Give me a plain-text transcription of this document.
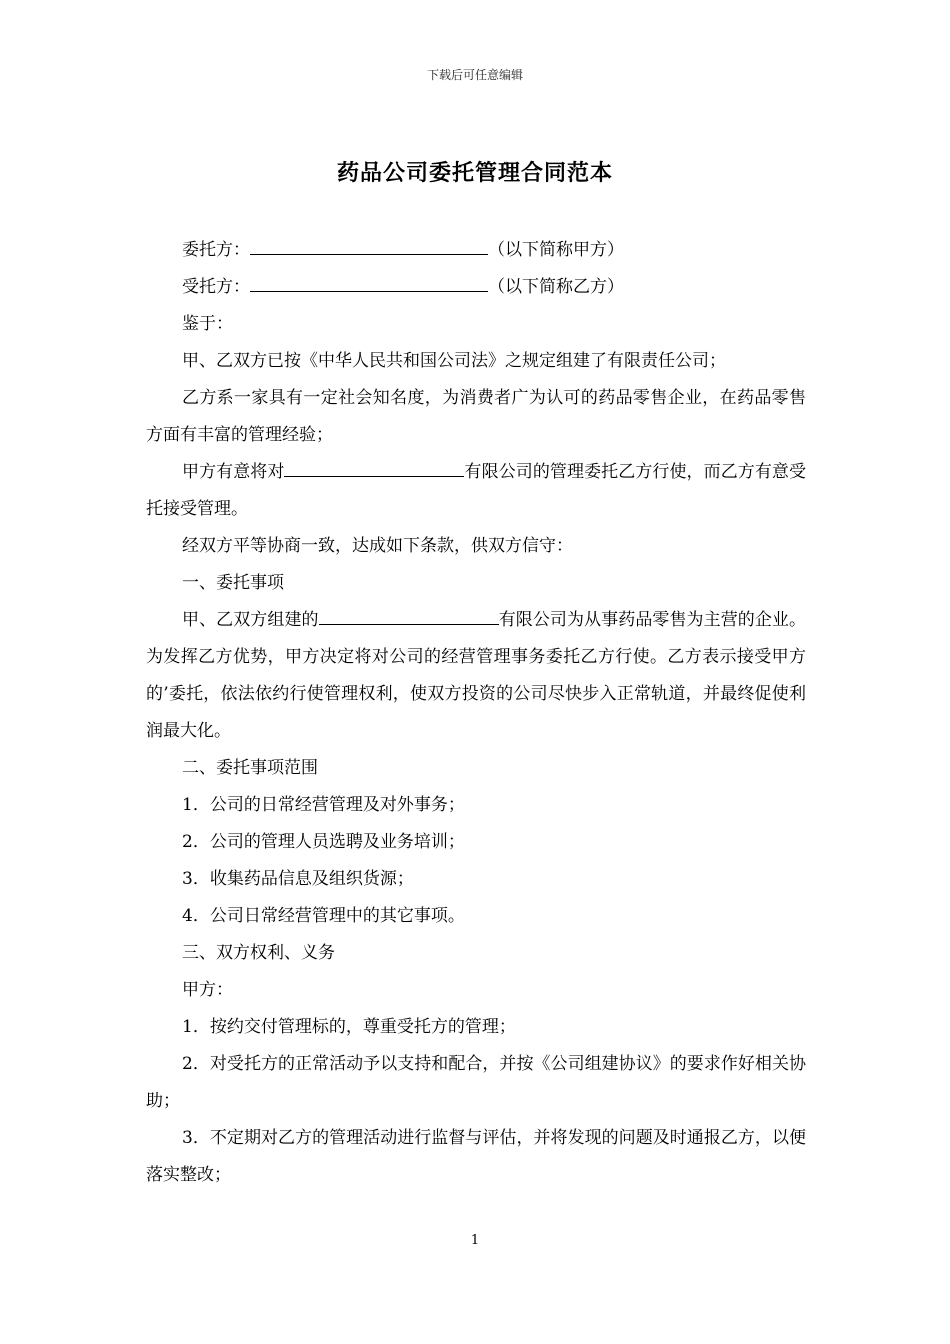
下载后可任意编辑
药品公司委托管理合同范本

委托方：	（以下简称甲方）

受托方：	（以下简称乙方）

鉴于：

甲、乙双方已按《中华人民共和国公司法》之规定组建了有限责任公司；

乙方系一家具有一定社会知名度，为消费者广为认可的药品零售企业，在药品零售方面有丰富的管理经验；

甲方有意将对	有限公司的管理委托乙方行使，而乙方有意受托接受管理。

经双方平等协商一致，达成如下条款，供双方信守：

一、委托事项

甲、乙双方组建的	有限公司为从事药品零售为主营的企业。为发挥乙方优势，甲方决定将对公司的经营管理事务委托乙方行使。乙方表示接受甲方的’委托，依法依约行使管理权利，使双方投资的公司尽快步入正常轨道，并最终促使利润最大化。

二、委托事项范围

1．公司的日常经营管理及对外事务；

2．公司的管理人员选聘及业务培训；

3．收集药品信息及组织货源；

4．公司日常经营管理中的其它事项。

三、双方权利、义务

甲方：

1．按约交付管理标的，尊重受托方的管理；

2．对受托方的正常活动予以支持和配合，并按《公司组建协议》的要求作好相关协助；

3．不定期对乙方的管理活动进行监督与评估，并将发现的问题及时通报乙方，以便落实整改；

1
